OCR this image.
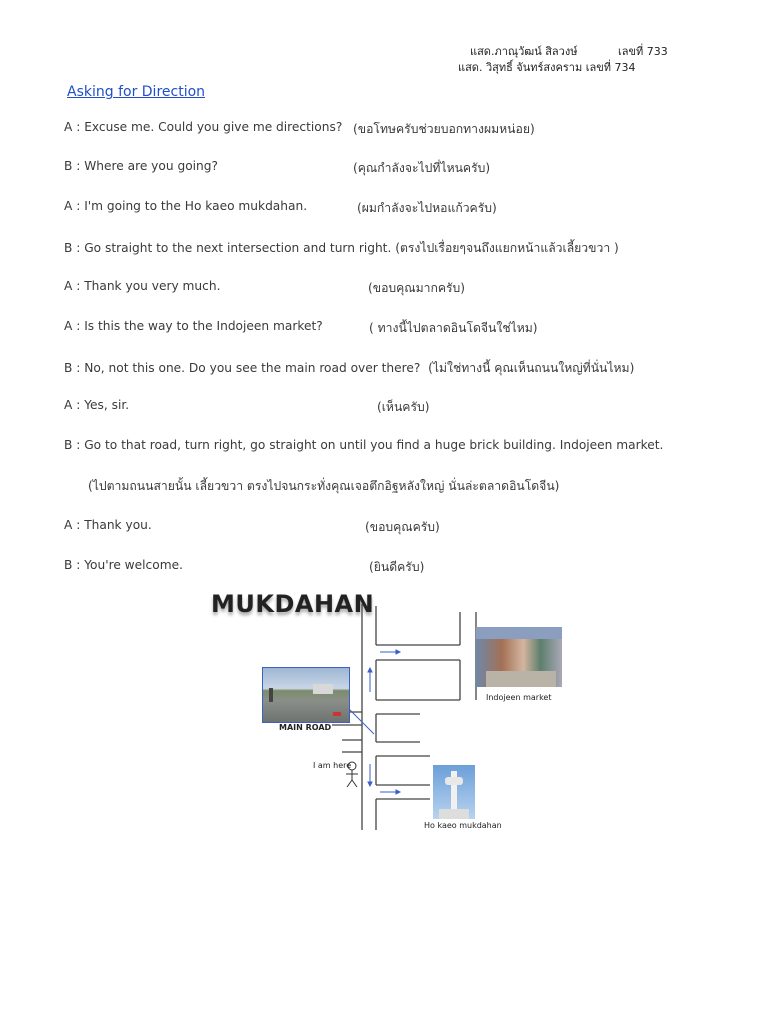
แสด.ภาณุวัฒน์ สิลวงษ์	เลขที่ 733
แสด. วิสุทธิ์ จันทร์สงคราม เลขที่ 734
Asking for Direction
A : Excuse me. Could you give me directions? (ขอโทษครับช่วยบอกทางผมหน่อย)
B : Where are you going?	(คุณกำลังจะไปที่ไหนครับ)
A : I'm going to the Ho kaeo mukdahan.	(ผมกำลังจะไปหอแก้วครับ)
B : Go straight to the next intersection and turn right. (ตรงไปเรื่อยๆจนถึงแยกหน้าแล้วเลี้ยวขวา )
A : Thank you very much.	(ขอบคุณมากครับ)
A : Is this the way to the Indojeen market?	( ทางนี้ไปตลาดอินโดจีนใช่ไหม)
B : No, not this one. Do you see the main road over there? (ไม่ใช่ทางนี้ คุณเห็นถนนใหญ่ที่นั่นไหม)
A : Yes, sir.	(เห็นครับ)
B : Go to that road, turn right, go straight on until you find a huge brick building. Indojeen market.
(ไปตามถนนสายนั้น เลี้ยวขวา ตรงไปจนกระทั่งคุณเจอตึกอิฐหลังใหญ่ นั่นล่ะตลาดอินโดจีน)
A : Thank you.	(ขอบคุณครับ)
B : You're welcome.	(ยินดีครับ)
MUKDAHAN
MAIN ROAD
Indojeen market
I am here
Ho kaeo mukdahan
